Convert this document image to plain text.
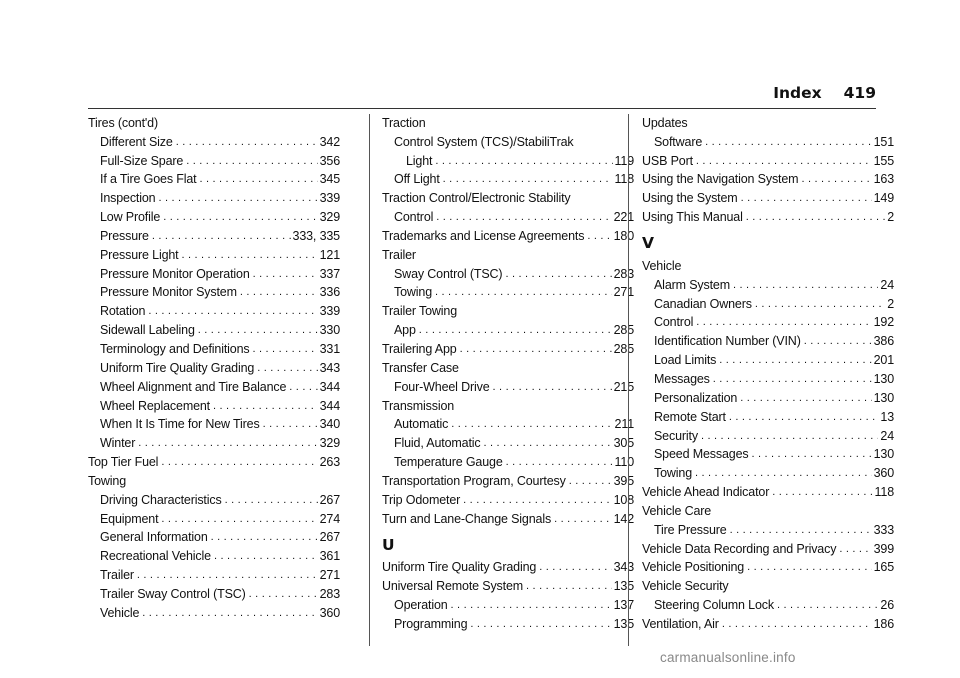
Index 419
Tires (cont'd)
Different Size . . .	342
Full-Size Spare . . .	356
If a Tire Goes Flat . . .	345
Inspection . . .	339
Low Profile . . .	329
Pressure . . .	333, 335
Pressure Light . . .	121
Pressure Monitor Operation . . .	337
Pressure Monitor System . . .	336
Rotation . . .	339
Sidewall Labeling . . .	330
Terminology and Definitions . . .	331
Uniform Tire Quality Grading . . .	343
Wheel Alignment and Tire Balance . . .	344
Wheel Replacement . . .	344
When It Is Time for New Tires . . .	340
Winter . . .	329
Top Tier Fuel . . .	263
Towing
Driving Characteristics . . .	267
Equipment . . .	274
General Information . . .	267
Recreational Vehicle . . .	361
Trailer . . .	271
Trailer Sway Control (TSC) . . .	283
Vehicle . . .	360
Traction
Control System (TCS)/StabiliTrak
Light . . .	119
Off Light . . .	118
Traction Control/Electronic Stability
Control . . .	221
Trademarks and License Agreements . . . 180
Trailer
Sway Control (TSC) . . .	283
Towing . . .	271
Trailer Towing
App . . .	285
Trailering App . . .	285
Transfer Case
Four-Wheel Drive . . .	215
Transmission
Automatic . . .	211
Fluid, Automatic . . .	305
Temperature Gauge . . .	110
Transportation Program, Courtesy . . .	395
Trip Odometer . . .	108
Turn and Lane-Change Signals . . .	142
U
Uniform Tire Quality Grading . . .	343
Universal Remote System . . .	135
Operation . . .	137
Programming . . .	135
Updates
Software . . .	151
USB Port . . .	155
Using the Navigation System . . .	163
Using the System . . .	149
Using This Manual . . .	2
V
Vehicle
Alarm System . . .	24
Canadian Owners . . .	2
Control . . .	192
Identification Number (VIN) . . .	386
Load Limits . . .	201
Messages . . .	130
Personalization . . .	130
Remote Start . . .	13
Security . . .	24
Speed Messages . . .	130
Towing . . .	360
Vehicle Ahead Indicator . . .	118
Vehicle Care
Tire Pressure . . .	333
Vehicle Data Recording and Privacy . . .	399
Vehicle Positioning . . .	165
Vehicle Security
Steering Column Lock . . .	26
Ventilation, Air . . .	186
carmanualsonline.info
